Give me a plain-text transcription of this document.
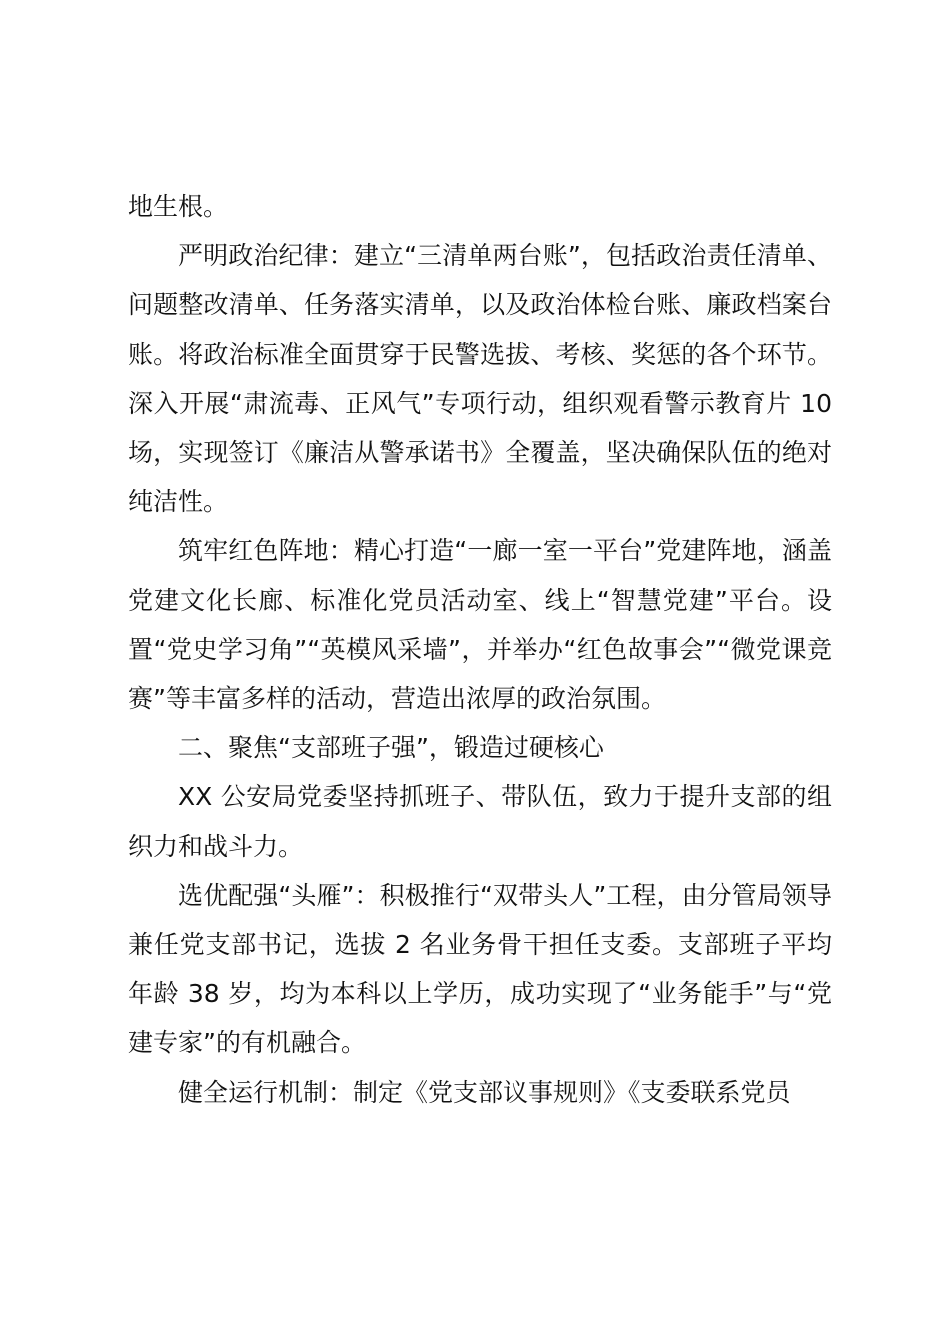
地生根。

严明政治纪律：建立“三清单两台账”，包括政治责任清单、问题整改清单、任务落实清单，以及政治体检台账、廉政档案台账。将政治标准全面贯穿于民警选拔、考核、奖惩的各个环节。深入开展“肃流毒、正风气”专项行动，组织观看警示教育片 10 场，实现签订《廉洁从警承诺书》全覆盖，坚决确保队伍的绝对纯洁性。

筑牢红色阵地：精心打造“一廊一室一平台”党建阵地，涵盖党建文化长廊、标准化党员活动室、线上“智慧党建”平台。设置“党史学习角”“英模风采墙”，并举办“红色故事会”“微党课竞赛”等丰富多样的活动，营造出浓厚的政治氛围。

二、聚焦“支部班子强”，锻造过硬核心

XX 公安局党委坚持抓班子、带队伍，致力于提升支部的组织力和战斗力。

选优配强“头雁”：积极推行“双带头人”工程，由分管局领导兼任党支部书记，选拔 2 名业务骨干担任支委。支部班子平均年龄 38 岁，均为本科以上学历，成功实现了“业务能手”与“党建专家”的有机融合。

健全运行机制：制定《党支部议事规则》《支委联系党员
